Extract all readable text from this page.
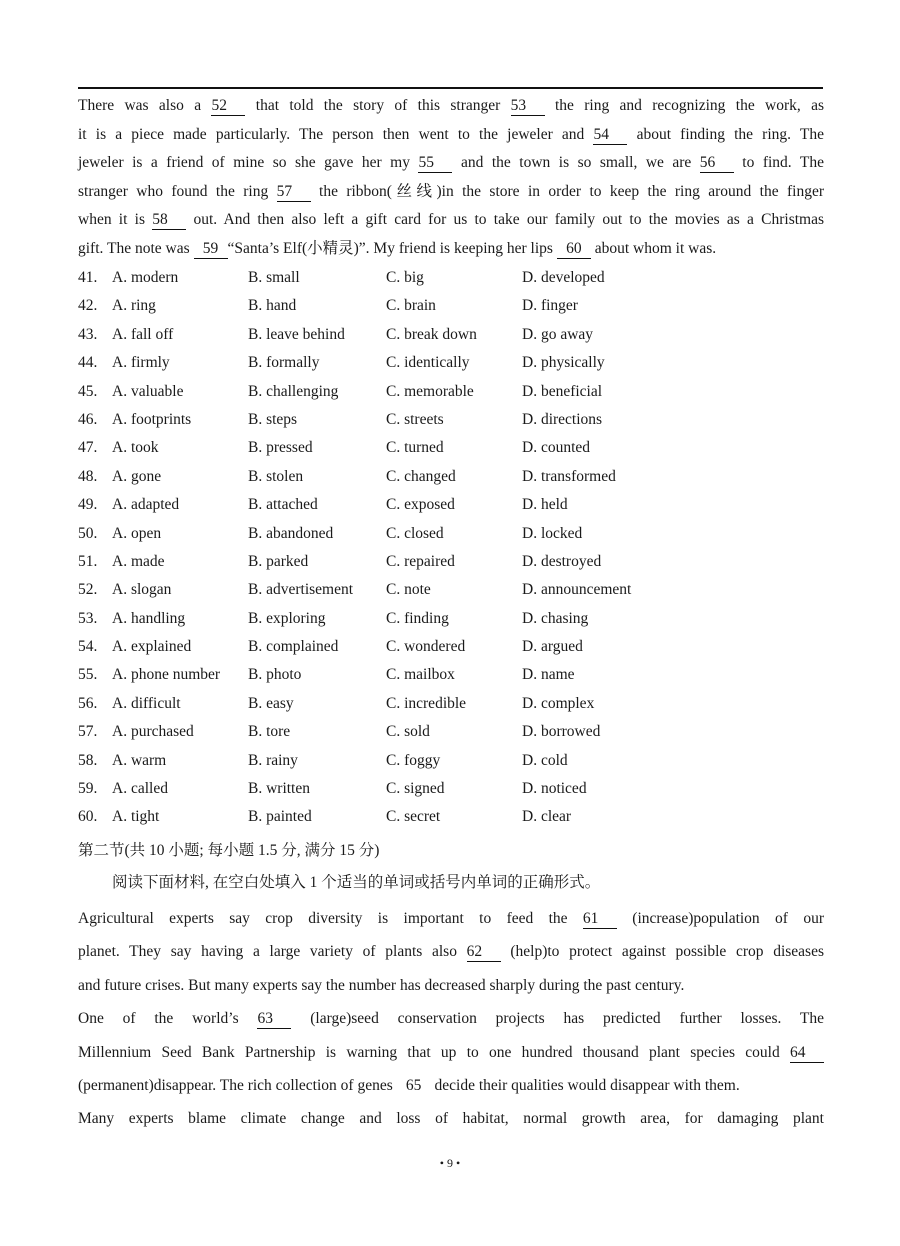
There was also a 52 that told the story of this stranger 53 the ring and recognizing the work, as
it is a piece made particularly. The person then went to the jeweler and 54 about finding the ring. The
jeweler is a friend of mine so she gave her my 55 and the town is so small, we are 56 to find. The
stranger who found the ring 57 the ribbon(丝线)in the store in order to keep the ring around the finger
when it is 58 out. And then also left a gift card for us to take our family out to the movies as a Christmas
gift. The note was 59 “Santa’s Elf(小精灵)”. My friend is keeping her lips 60 about whom it was.
41. A. modern	B. small	C. big	D. developed
42. A. ring	B. hand	C. brain	D. finger
43. A. fall off	B. leave behind	C. break down	D. go away
44. A. firmly	B. formally	C. identically	D. physically
45. A. valuable	B. challenging	C. memorable	D. beneficial
46. A. footprints	B. steps	C. streets	D. directions
47. A. took	B. pressed	C. turned	D. counted
48. A. gone	B. stolen	C. changed	D. transformed
49. A. adapted	B. attached	C. exposed	D. held
50. A. open	B. abandoned	C. closed	D. locked
51. A. made	B. parked	C. repaired	D. destroyed
52. A. slogan	B. advertisement C. note	D. announcement
53. A. handling	B. exploring	C. finding	D. chasing
54. A. explained	B. complained	C. wondered	D. argued
55. A. phone number B. photo	C. mailbox	D. name
56. A. difficult	B. easy	C. incredible	D. complex
57. A. purchased	B. tore	C. sold	D. borrowed
58. A. warm	B. rainy	C. foggy	D. cold
59. A. called	B. written	C. signed	D. noticed
60. A. tight	B. painted	C. secret	D. clear
第二节(共 10 小题; 每小题 1.5 分, 满分 15 分)
阅读下面材料, 在空白处填入 1 个适当的单词或括号内单词的正确形式。
Agricultural experts say crop diversity is important to feed the 61 (increase)population of our
planet. They say having a large variety of plants also 62 (help)to protect against possible crop diseases
and future crises. But many experts say the number has decreased sharply during the past century.
One of the world’s 63 (large)seed conservation projects has predicted further losses. The
Millennium Seed Bank Partnership is warning that up to one hundred thousand plant species could 64
(permanent)disappear. The rich collection of genes 65 decide their qualities would disappear with them.
Many experts blame climate change and loss of habitat, normal growth area, for damaging plant
• 9 •
